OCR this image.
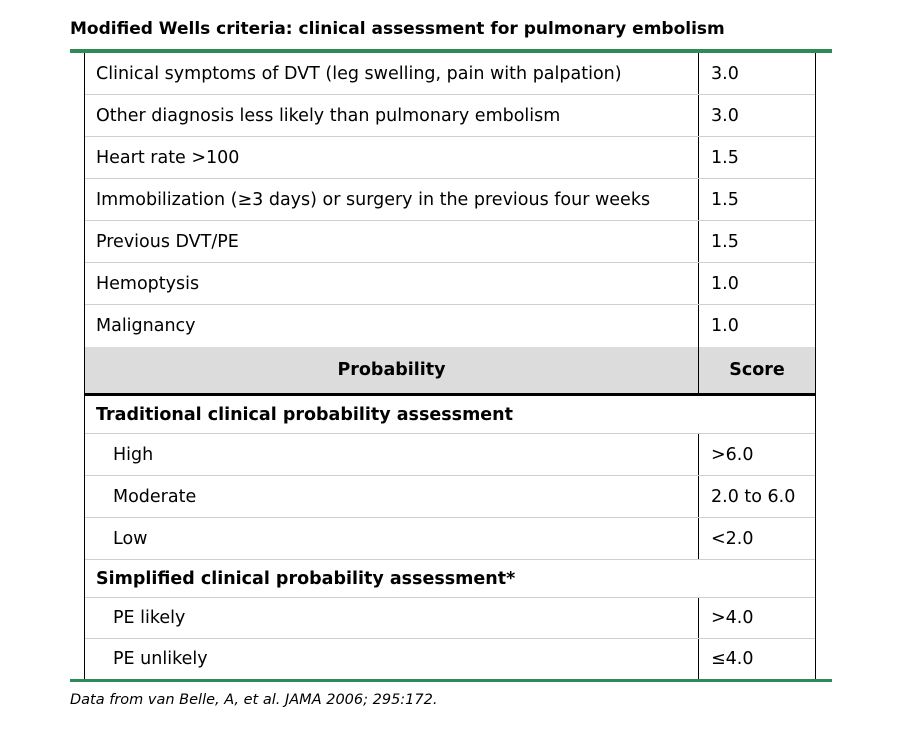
Modified Wells criteria: clinical assessment for pulmonary embolism
Clinical symptoms of DVT (leg swelling, pain with palpation)	3.0
Other diagnosis less likely than pulmonary embolism	3.0
Heart rate >100	1.5
Immobilization (≥3 days) or surgery in the previous four weeks	1.5
Previous DVT/PE	1.5
Hemoptysis	1.0
Malignancy	1.0
Probability	Score
Traditional clinical probability assessment
High	>6.0
Moderate	2.0 to 6.0
Low	<2.0
Simplified clinical probability assessment*
PE likely	>4.0
PE unlikely	≤4.0
Data from van Belle, A, et al. JAMA 2006; 295:172.
